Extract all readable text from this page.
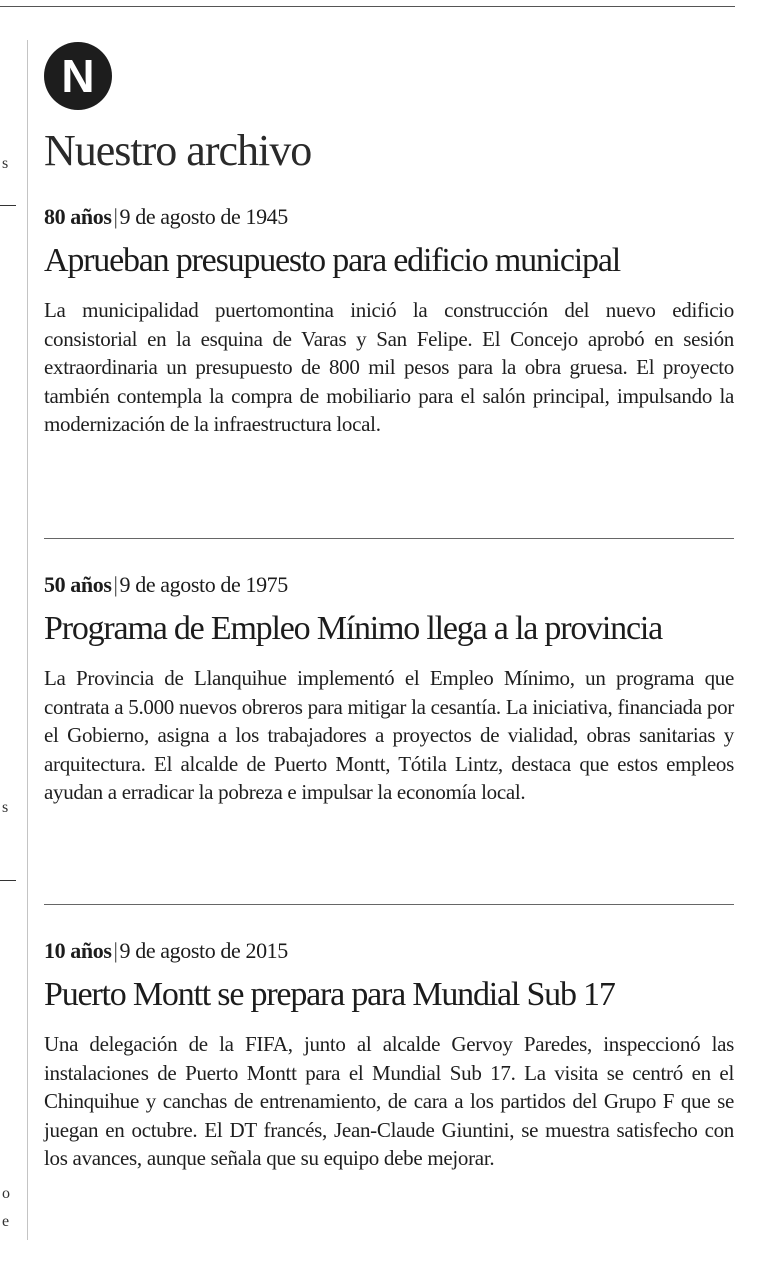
s
s
o
e
N
Nuestro archivo
80 años|9 de agosto de 1945
Aprueban presupuesto para edificio municipal

La municipalidad puertomontina inició la construcción del nuevo edificio consistorial en la esquina de Varas y San Felipe. El Concejo aprobó en sesión extraordinaria un presupuesto de 800 mil pesos para la obra gruesa. El proyecto también contempla la compra de mobiliario para el salón principal, impulsando la modernización de la infraestructura local.

50 años|9 de agosto de 1975
Programa de Empleo Mínimo llega a la provincia

La Provincia de Llanquihue implementó el Empleo Mínimo, un programa que contrata a 5.000 nuevos obreros para mitigar la cesantía. La iniciativa, financiada por el Gobierno, asigna a los trabajadores a proyectos de vialidad, obras sanitarias y arquitectura. El alcalde de Puerto Montt, Tótila Lintz, destaca que estos empleos ayudan a erradicar la pobreza e impulsar la economía local.

10 años|9 de agosto de 2015
Puerto Montt se prepara para Mundial Sub 17

Una delegación de la FIFA, junto al alcalde Gervoy Paredes, inspeccionó las instalaciones de Puerto Montt para el Mundial Sub 17. La visita se centró en el Chinquihue y canchas de entrenamiento, de cara a los partidos del Grupo F que se juegan en octubre. El DT francés, Jean-Claude Giuntini, se muestra satisfecho con los avances, aunque señala que su equipo debe mejorar.
